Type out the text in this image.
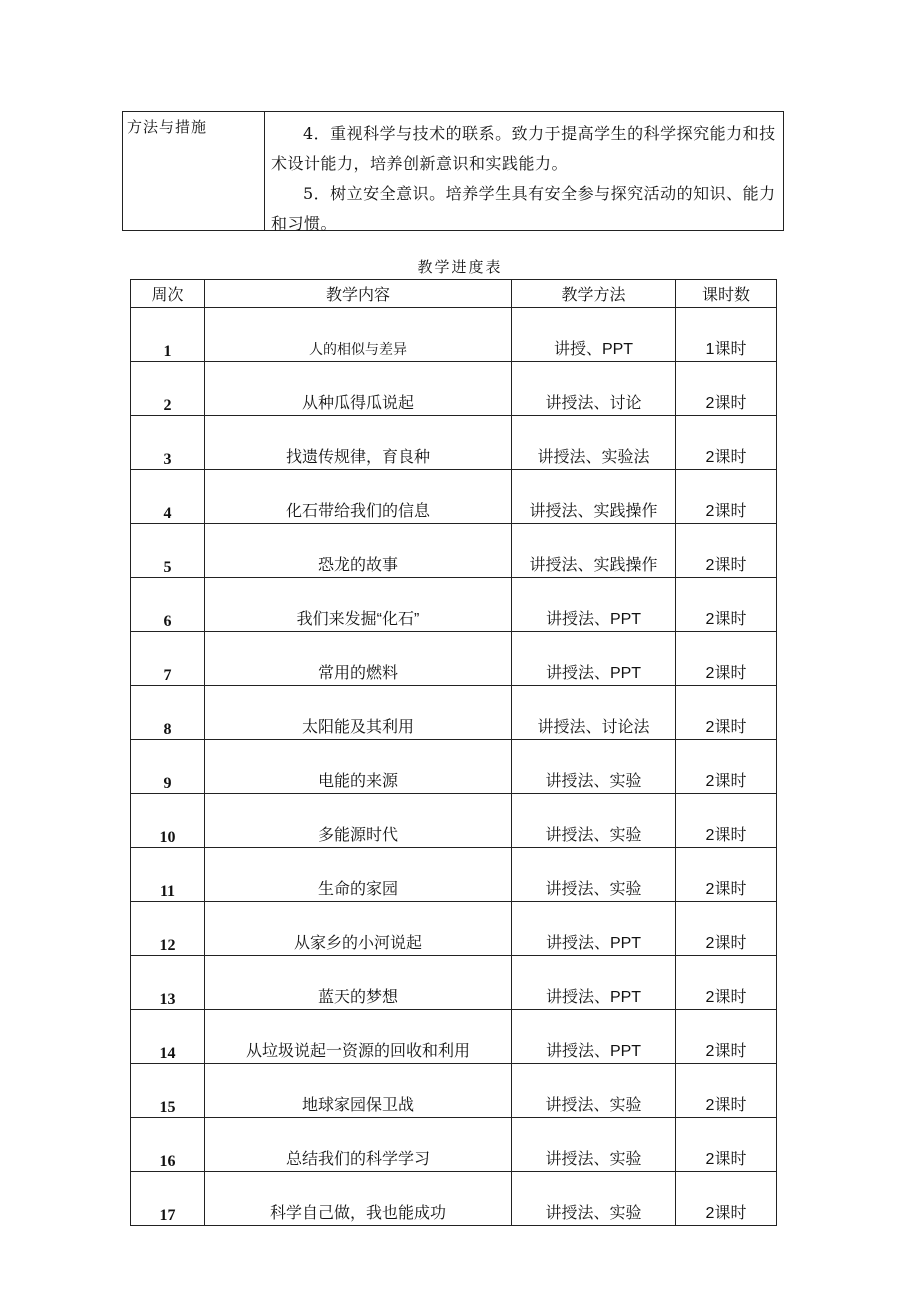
方法与措施	4．重视科学与技术的联系。致力于提高学生的科学探究能力和技术设计能力，培养创新意识和实践能力。

5．树立安全意识。培养学生具有安全参与探究活动的知识、能力和习惯。

教学进度表
周次	教学内容	教学方法	课时数
1	人的相似与差异	讲授、PPT	1课时
2	从种瓜得瓜说起	讲授法、讨论	2课时
3	找遗传规律，育良种	讲授法、实验法	2课时
4	化石带给我们的信息	讲授法、实践操作	2课时
5	恐龙的故事	讲授法、实践操作	2课时
6	我们来发掘“化石”	讲授法、PPT	2课时
7	常用的燃料	讲授法、PPT	2课时
8	太阳能及其利用	讲授法、讨论法	2课时
9	电能的来源	讲授法、实验	2课时
10	多能源时代	讲授法、实验	2课时
11	生命的家园	讲授法、实验	2课时
12	从家乡的小河说起	讲授法、PPT	2课时
13	蓝天的梦想	讲授法、PPT	2课时
14	从垃圾说起一资源的回收和利用	讲授法、PPT	2课时
15	地球家园保卫战	讲授法、实验	2课时
16	总结我们的科学学习	讲授法、实验	2课时
17	科学自己做，我也能成功	讲授法、实验	2课时
